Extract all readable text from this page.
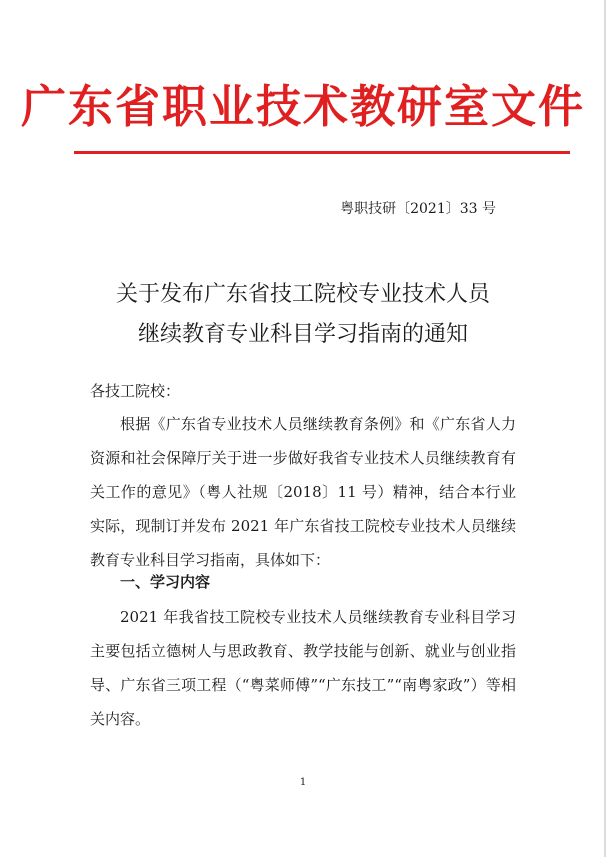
广东省职业技术教研室文件
粤职技研〔2021〕33 号
关于发布广东省技工院校专业技术人员
继续教育专业科目学习指南的通知
各技工院校：
根据《广东省专业技术人员继续教育条例》和《广东省人力资源和社会保障厅关于进一步做好我省专业技术人员继续教育有关工作的意见》（粤人社规〔2018〕11 号）精神，结合本行业实际，现制订并发布 2021 年广东省技工院校专业技术人员继续教育专业科目学习指南，具体如下：
一、学习内容
2021 年我省技工院校专业技术人员继续教育专业科目学习主要包括立德树人与思政教育、教学技能与创新、就业与创业指导、广东省三项工程（“粤菜师傅”“广东技工”“南粤家政”）等相关内容。
1
